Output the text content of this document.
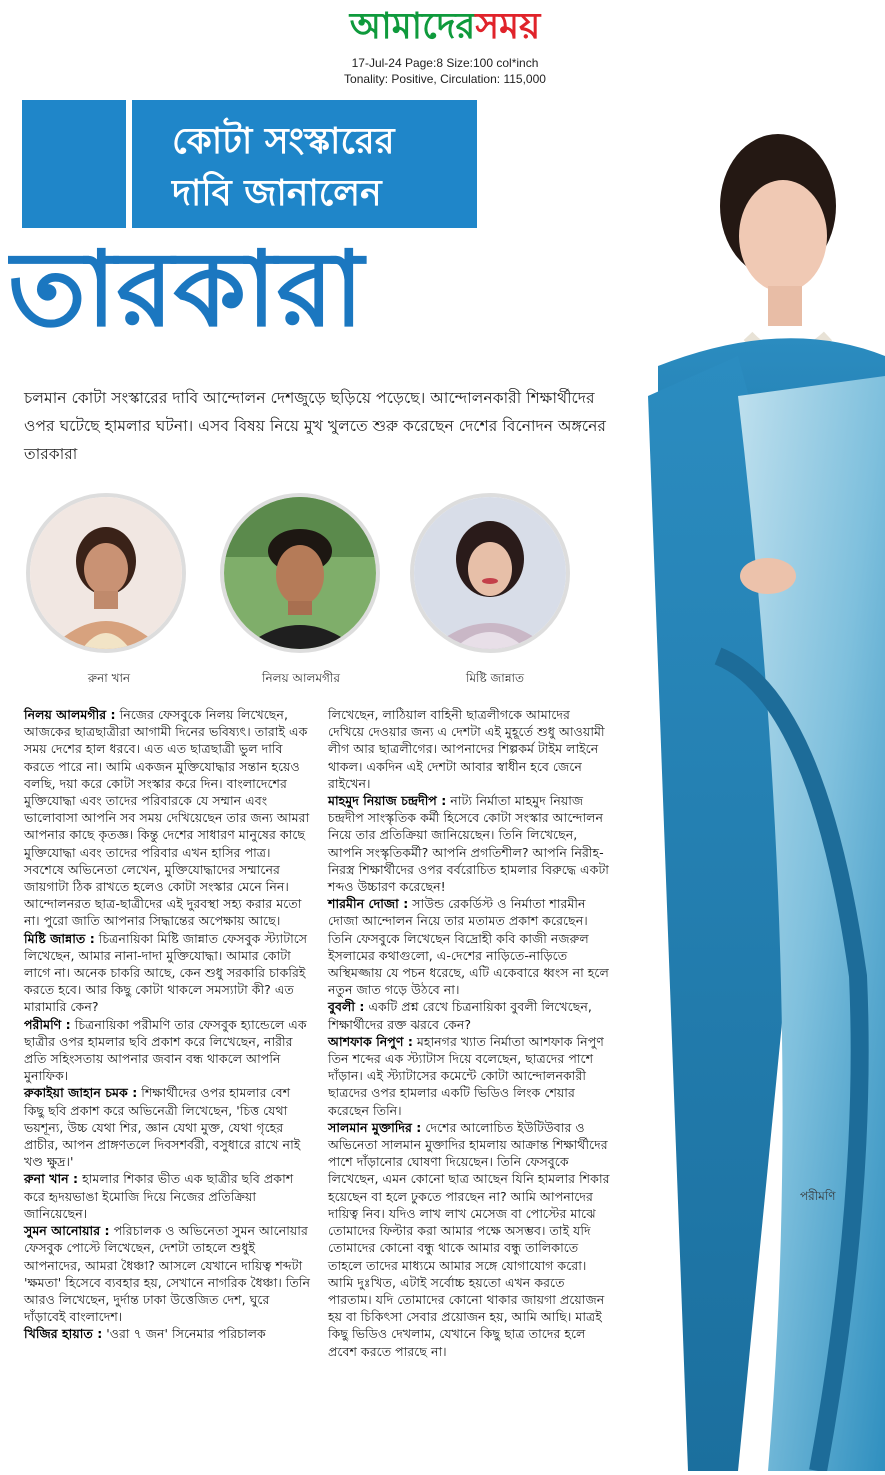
আমাদেরসময়
17-Jul-24 Page:8 Size:100 col*inch
Tonality: Positive, Circulation: 115,000
কোটা সংস্কারের
দাবি জানালেন
তারকারা
চলমান কোটা সংস্কারের দাবি আন্দোলন দেশজুড়ে ছড়িয়ে পড়েছে। আন্দোলনকারী শিক্ষার্থীদের ওপর ঘটেছে হামলার ঘটনা। এসব বিষয় নিয়ে মুখ খুলতে শুরু করেছেন দেশের বিনোদন অঙ্গনের তারকারা
রুনা খান	নিলয় আলমগীর	মিষ্টি জান্নাত

নিলয় আলমগীর : নিজের ফেসবুকে নিলয় লিখেছেন, আজকের ছাত্রছাত্রীরা আগামী দিনের ভবিষ্যৎ। তারাই এক সময় দেশের হাল ধরবে। এত এত ছাত্রছাত্রী ভুল দাবি করতে পারে না। আমি একজন মুক্তিযোদ্ধার সন্তান হয়েও বলছি, দয়া করে কোটা সংস্কার করে দিন। বাংলাদেশের মুক্তিযোদ্ধা এবং তাদের পরিবারকে যে সম্মান এবং ভালোবাসা আপনি সব সময় দেখিয়েছেন তার জন্য আমরা আপনার কাছে কৃতজ্ঞ। কিন্তু দেশের সাধারণ মানুষের কাছে মুক্তিযোদ্ধা এবং তাদের পরিবার এখন হাসির পাত্র। সবশেষে অভিনেতা লেখেন, মুক্তিযোদ্ধাদের সম্মানের জায়গাটা ঠিক রাখতে হলেও কোটা সংস্কার মেনে নিন। আন্দোলনরত ছাত্র-ছাত্রীদের এই দুরবস্থা সহ্য করার মতো না। পুরো জাতি আপনার সিদ্ধান্তের অপেক্ষায় আছে।

মিষ্টি জান্নাত : চিত্রনায়িকা মিষ্টি জান্নাত ফেসবুক স্ট্যাটাসে লিখেছেন, আমার নানা-দাদা মুক্তিযোদ্ধা। আমার কোটা লাগে না। অনেক চাকরি আছে, কেন শুধু সরকারি চাকরিই করতে হবে। আর কিছু কোটা থাকলে সমস্যাটা কী? এত মারামারি কেন?

পরীমণি : চিত্রনায়িকা পরীমণি তার ফেসবুক হ্যান্ডেলে এক ছাত্রীর ওপর হামলার ছবি প্রকাশ করে লিখেছেন, নারীর প্রতি সহিংসতায় আপনার জবান বন্ধ থাকলে আপনি মুনাফিক।

রুকাইয়া জাহান চমক : শিক্ষার্থীদের ওপর হামলার বেশ কিছু ছবি প্রকাশ করে অভিনেত্রী লিখেছেন, 'চিত্ত যেথা ভয়শূন্য, উচ্চ যেথা শির, জ্ঞান যেথা মুক্ত, যেথা গৃহের প্রাচীর, আপন প্রাঙ্গণতলে দিবসশর্বরী, বসুধারে রাখে নাই খণ্ড ক্ষুদ্র।'

রুনা খান : হামলার শিকার ভীত এক ছাত্রীর ছবি প্রকাশ করে হৃদয়ভাঙা ইমোজি দিয়ে নিজের প্রতিক্রিয়া জানিয়েছেন।

সুমন আনোয়ার : পরিচালক ও অভিনেতা সুমন আনোয়ার ফেসবুক পোস্টে লিখেছেন, দেশটা তাহলে শুধুই আপনাদের, আমরা ধৈঞ্চা? আসলে যেখানে দায়িত্ব শব্দটা 'ক্ষমতা' হিসেবে ব্যবহার হয়, সেখানে নাগরিক ধৈঞ্চা। তিনি আরও লিখেছেন, দুর্দান্ত ঢাকা উত্তেজিত দেশ, ঘুরে দাঁড়াবেই বাংলাদেশ।

খিজির হায়াত : 'ওরা ৭ জন' সিনেমার পরিচালক

লিখেছেন, লাঠিয়াল বাহিনী ছাত্রলীগকে আমাদের দেখিয়ে দেওয়ার জন্য এ দেশটা এই মুহূর্তে শুধু আওয়ামী লীগ আর ছাত্রলীগের। আপনাদের শিল্পকর্ম টাইম লাইনে থাকল। একদিন এই দেশটা আবার স্বাধীন হবে জেনে রাইখেন।

মাহমুদ নিয়াজ চন্দ্রদীপ : নাট্য নির্মাতা মাহমুদ নিয়াজ চন্দ্রদীপ সাংস্কৃতিক কর্মী হিসেবে কোটা সংস্কার আন্দোলন নিয়ে তার প্রতিক্রিয়া জানিয়েছেন। তিনি লিখেছেন, আপনি সংস্কৃতিকর্মী? আপনি প্রগতিশীল? আপনি নিরীহ-নিরস্ত্র শিক্ষার্থীদের ওপর বর্বরোচিত হামলার বিরুদ্ধে একটা শব্দও উচ্চারণ করেছেন!

শারমীন দোজা : সাউন্ড রেকর্ডিস্ট ও নির্মাতা শারমীন দোজা আন্দোলন নিয়ে তার মতামত প্রকাশ করেছেন। তিনি ফেসবুকে লিখেছেন বিদ্রোহী কবি কাজী নজরুল ইসলামের কথাগুলো, এ-দেশের নাড়িতে-নাড়িতে অস্থিমজ্জায় যে পচন ধরেছে, এটি একেবারে ধ্বংস না হলে নতুন জাত গড়ে উঠবে না।

বুবলী : একটি প্রশ্ন রেখে চিত্রনায়িকা বুবলী লিখেছেন, শিক্ষার্থীদের রক্ত ঝরবে কেন?

আশফাক নিপুণ : মহানগর খ্যাত নির্মাতা আশফাক নিপুণ তিন শব্দের এক স্ট্যাটাস দিয়ে বলেছেন, ছাত্রদের পাশে দাঁড়ান। এই স্ট্যাটাসের কমেন্টে কোটা আন্দোলনকারী ছাত্রদের ওপর হামলার একটি ভিডিও লিংক শেয়ার করেছেন তিনি।

সালমান মুক্তাদির : দেশের আলোচিত ইউটিউবার ও অভিনেতা সালমান মুক্তাদির হামলায় আক্রান্ত শিক্ষার্থীদের পাশে দাঁড়ানোর ঘোষণা দিয়েছেন। তিনি ফেসবুকে লিখেছেন, এমন কোনো ছাত্র আছেন যিনি হামলার শিকার হয়েছেন বা হলে ঢুকতে পারছেন না? আমি আপনাদের দায়িত্ব নিব। যদিও লাখ লাখ মেসেজ বা পোস্টের মাঝে তোমাদের ফিল্টার করা আমার পক্ষে অসম্ভব। তাই যদি তোমাদের কোনো বন্ধু থাকে আমার বন্ধু তালিকাতে তাহলে তাদের মাধ্যমে আমার সঙ্গে যোগাযোগ করো। আমি দুঃখিত, এটাই সর্বোচ্চ হয়তো এখন করতে পারতাম। যদি তোমাদের কোনো থাকার জায়গা প্রয়োজন হয় বা চিকিৎসা সেবার প্রয়োজন হয়, আমি আছি। মাত্রই কিছু ভিডিও দেখলাম, যেখানে কিছু ছাত্র তাদের হলে প্রবেশ করতে পারছে না।

পরীমণি
